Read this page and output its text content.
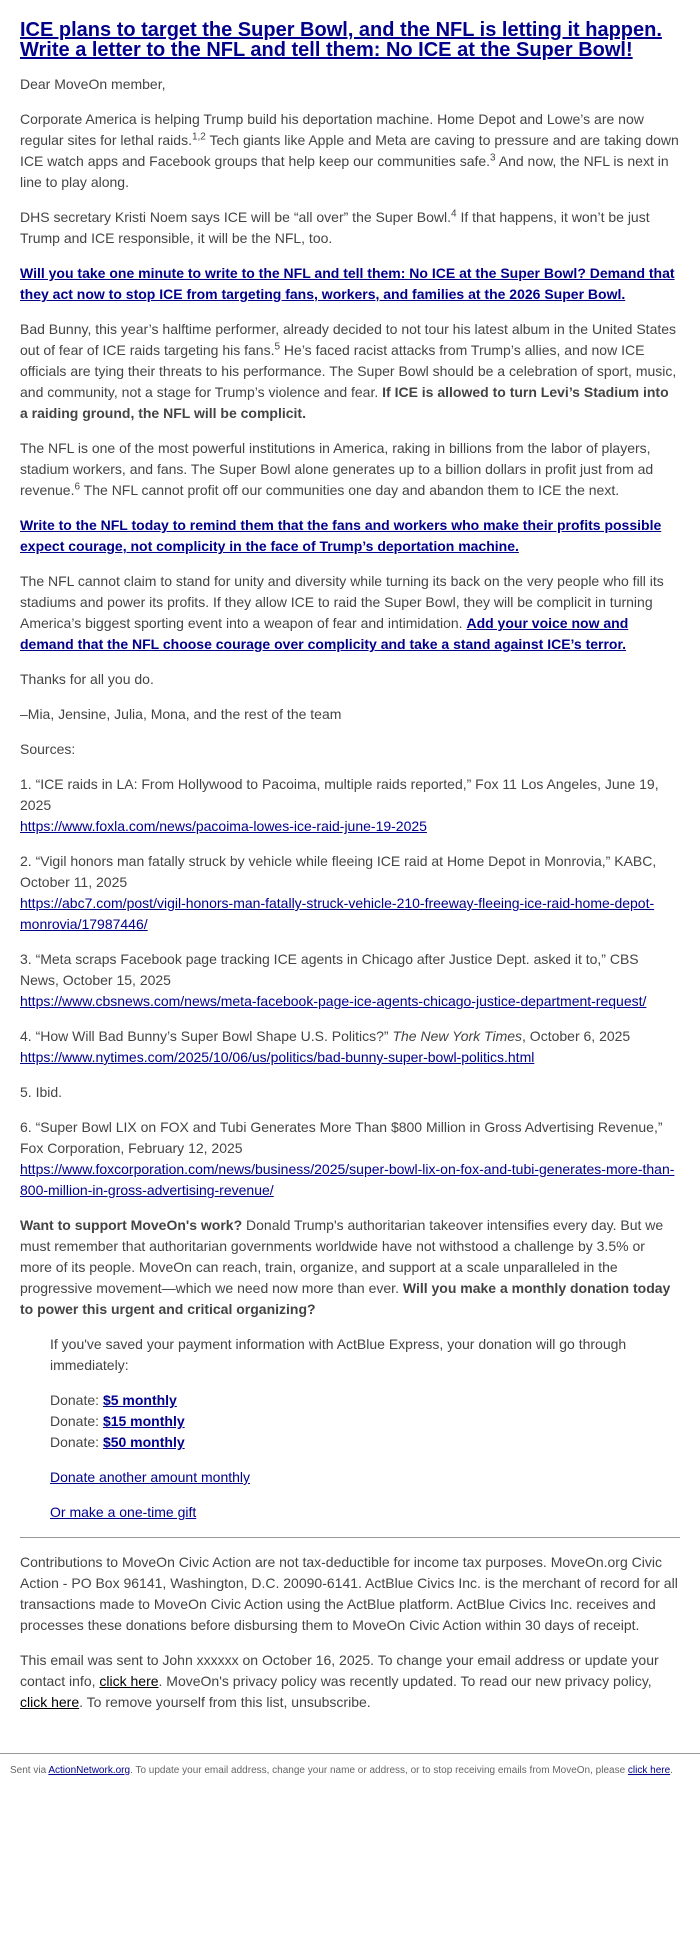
ICE plans to target the Super Bowl, and the NFL is letting it happen. Write a letter to the NFL and tell them: No ICE at the Super Bowl!

Dear MoveOn member,

Corporate America is helping Trump build his deportation machine. Home Depot and Lowe’s are now regular sites for lethal raids.$^{1,2}$ Tech giants like Apple and Meta are caving to pressure and are taking down ICE watch apps and Facebook groups that help keep our communities safe.$^3$ And now, the NFL is next in line to play along.

DHS secretary Kristi Noem says ICE will be “all over” the Super Bowl.$^4$ If that happens, it won’t be just Trump and ICE responsible, it will be the NFL, too.

Will you take one minute to write to the NFL and tell them: No ICE at the Super Bowl? Demand that they act now to stop ICE from targeting fans, workers, and families at the 2026 Super Bowl.

Bad Bunny, this year’s halftime performer, already decided to not tour his latest album in the United States out of fear of ICE raids targeting his fans.$^5$ He’s faced racist attacks from Trump’s allies, and now ICE officials are tying their threats to his performance. The Super Bowl should be a celebration of sport, music, and community, not a stage for Trump’s violence and fear. If ICE is allowed to turn Levi’s Stadium into a raiding ground, the NFL will be complicit.

The NFL is one of the most powerful institutions in America, raking in billions from the labor of players, stadium workers, and fans. The Super Bowl alone generates up to a billion dollars in profit just from ad revenue.$^6$ The NFL cannot profit off our communities one day and abandon them to ICE the next.

Write to the NFL today to remind them that the fans and workers who make their profits possible expect courage, not complicity in the face of Trump’s deportation machine.

The NFL cannot claim to stand for unity and diversity while turning its back on the very people who fill its stadiums and power its profits. If they allow ICE to raid the Super Bowl, they will be complicit in turning America’s biggest sporting event into a weapon of fear and intimidation. Add your voice now and demand that the NFL choose courage over complicity and take a stand against ICE’s terror.

Thanks for all you do.

–Mia, Jensine, Julia, Mona, and the rest of the team

Sources:

1. “ICE raids in LA: From Hollywood to Pacoima, multiple raids reported,” Fox 11 Los Angeles, June 19, 2025
https://www.foxla.com/news/pacoima-lowes-ice-raid-june-19-2025

2. “Vigil honors man fatally struck by vehicle while fleeing ICE raid at Home Depot in Monrovia,” KABC, October 11, 2025
https://abc7.com/post/vigil-honors-man-fatally-struck-vehicle-210-freeway-fleeing-ice-raid-home-depot-monrovia/17987446/

3. “Meta scraps Facebook page tracking ICE agents in Chicago after Justice Dept. asked it to,” CBS News, October 15, 2025
https://www.cbsnews.com/news/meta-facebook-page-ice-agents-chicago-justice-department-request/

4. “How Will Bad Bunny’s Super Bowl Shape U.S. Politics?” The New York Times, October 6, 2025
https://www.nytimes.com/2025/10/06/us/politics/bad-bunny-super-bowl-politics.html

5. Ibid.

6. “Super Bowl LIX on FOX and Tubi Generates More Than $800 Million in Gross Advertising Revenue,” Fox Corporation, February 12, 2025
https://www.foxcorporation.com/news/business/2025/super-bowl-lix-on-fox-and-tubi-generates-more-than-800-million-in-gross-advertising-revenue/

Want to support MoveOn's work? Donald Trump's authoritarian takeover intensifies every day. But we must remember that authoritarian governments worldwide have not withstood a challenge by 3.5% or more of its people. MoveOn can reach, train, organize, and support at a scale unparalleled in the progressive movement—which we need now more than ever. Will you make a monthly donation today to power this urgent and critical organizing?

If you've saved your payment information with ActBlue Express, your donation will go through immediately:

Donate: $5 monthly

Donate: $15 monthly

Donate: $50 monthly

Donate another amount monthly

Or make a one-time gift

Contributions to MoveOn Civic Action are not tax-deductible for income tax purposes. MoveOn.org Civic Action - PO Box 96141, Washington, D.C. 20090-6141. ActBlue Civics Inc. is the merchant of record for all transactions made to MoveOn Civic Action using the ActBlue platform. ActBlue Civics Inc. receives and processes these donations before disbursing them to MoveOn Civic Action within 30 days of receipt.

This email was sent to John xxxxxx on October 16, 2025. To change your email address or update your contact info, click here. MoveOn's privacy policy was recently updated. To read our new privacy policy, click here. To remove yourself from this list, unsubscribe.

Sent via ActionNetwork.org. To update your email address, change your name or address, or to stop receiving emails from MoveOn, please click here.
